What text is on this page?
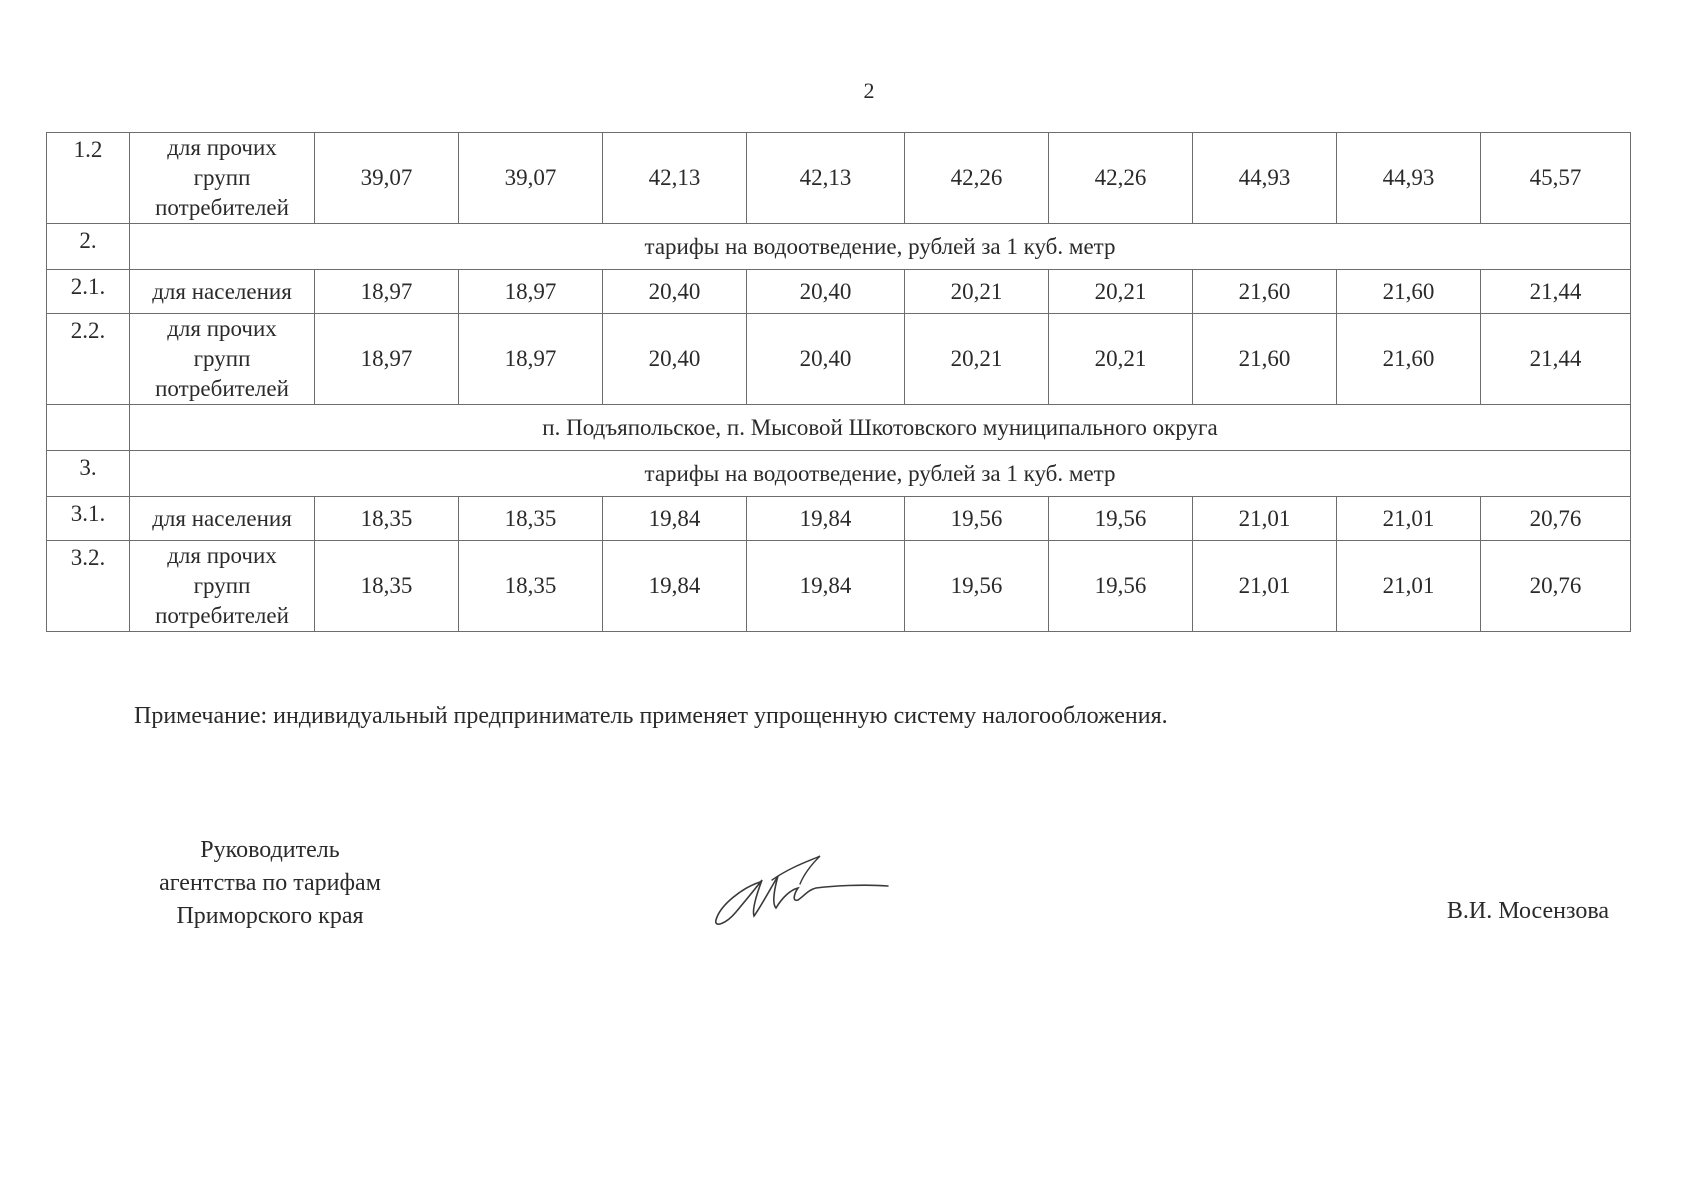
2
1.2	для прочих
групп
потребителей	39,07	39,07	42,13	42,13	42,26	42,26	44,93	44,93	45,57
2.	тарифы на водоотведение, рублей за 1 куб. метр									
2.1.	для населения	18,97	18,97	20,40	20,40	20,21	20,21	21,60	21,60	21,44
2.2.	для прочих
групп
потребителей	18,97	18,97	20,40	20,40	20,21	20,21	21,60	21,60	21,44
	п. Подъяпольское, п. Мысовой Шкотовского муниципального округа									
3.	тарифы на водоотведение, рублей за 1 куб. метр									
3.1.	для населения	18,35	18,35	19,84	19,84	19,56	19,56	21,01	21,01	20,76
3.2.	для прочих
групп
потребителей	18,35	18,35	19,84	19,84	19,56	19,56	21,01	21,01	20,76
Примечание: индивидуальный предприниматель применяет упрощенную систему налогообложения.
Руководитель
агентства по тарифам
Приморского края	В.И. Мосензова
